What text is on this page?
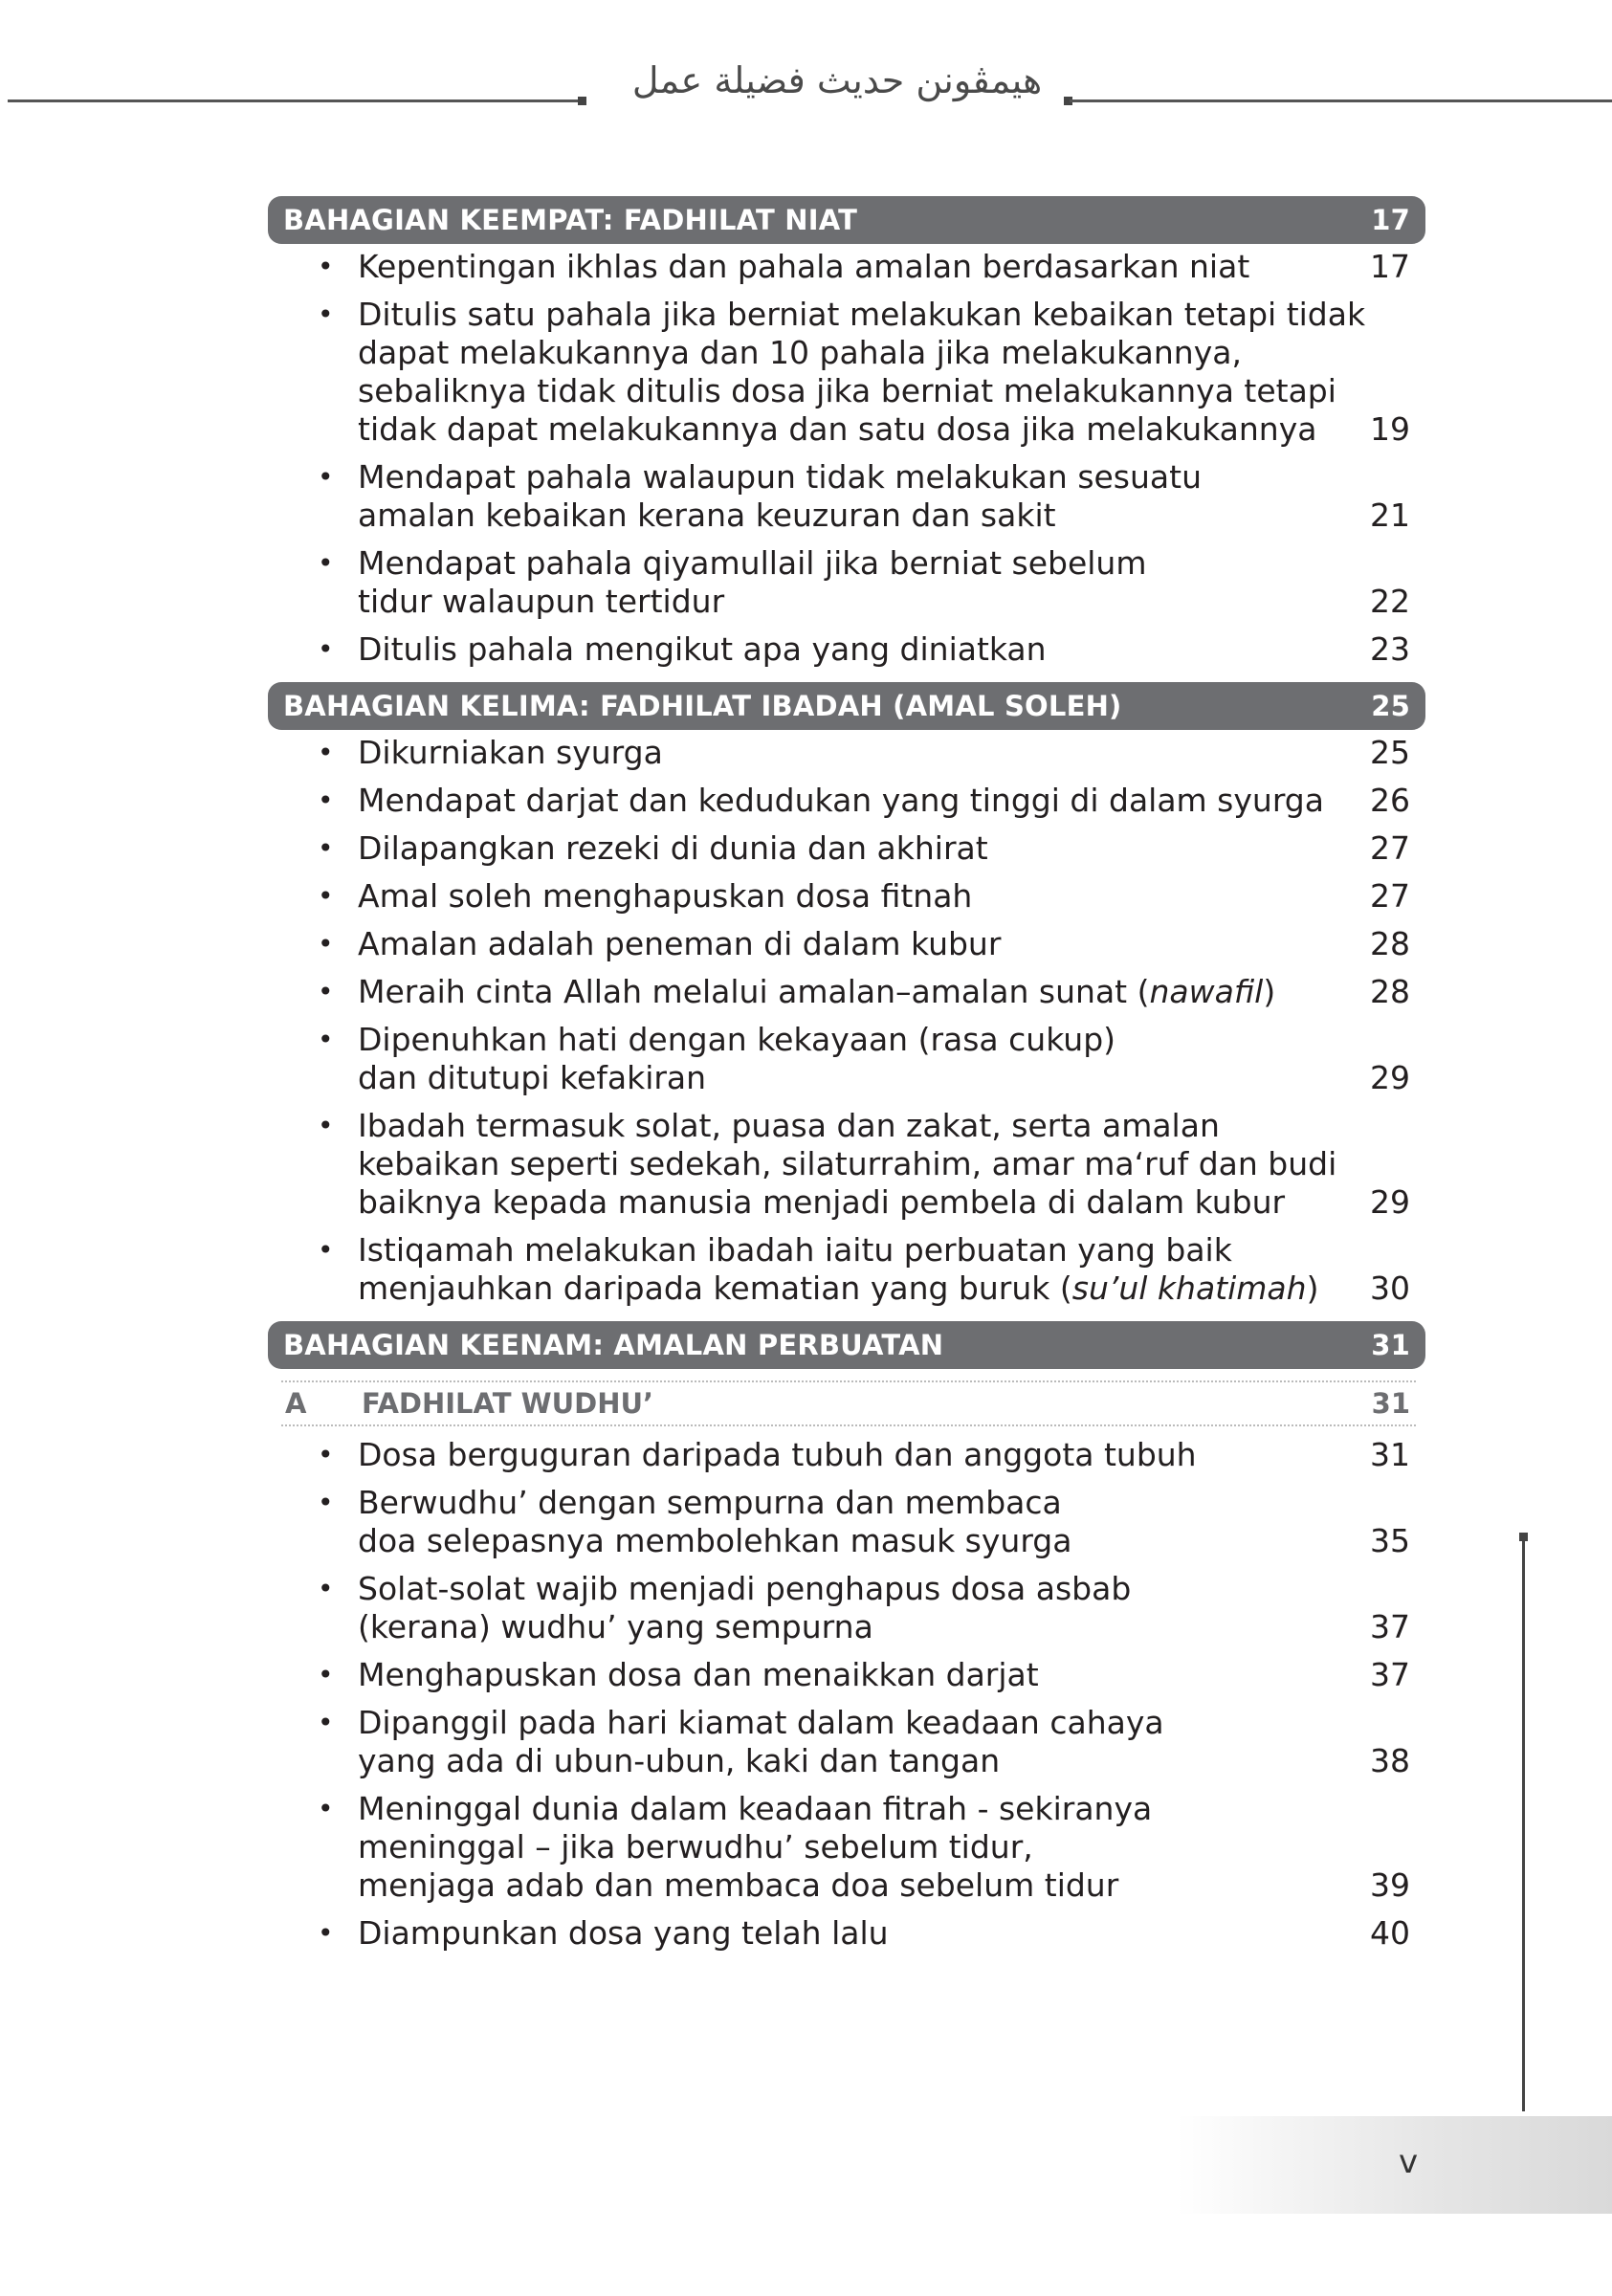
هيمڤونن حديث فضيلة عمل
BAHAGIAN KEEMPAT: FADHILAT NIAT	17
• Kepentingan ikhlas dan pahala amalan berdasarkan niat	17
• Ditulis satu pahala jika berniat melakukan kebaikan tetapi tidak
dapat melakukannya dan 10 pahala jika melakukannya,
sebaliknya tidak ditulis dosa jika berniat melakukannya tetapi
tidak dapat melakukannya dan satu dosa jika melakukannya	19
• Mendapat pahala walaupun tidak melakukan sesuatu
amalan kebaikan kerana keuzuran dan sakit	21
• Mendapat pahala qiyamullail jika berniat sebelum
tidur walaupun tertidur	22
• Ditulis pahala mengikut apa yang diniatkan	23
BAHAGIAN KELIMA: FADHILAT IBADAH (AMAL SOLEH)	25
• Dikurniakan syurga	25
• Mendapat darjat dan kedudukan yang tinggi di dalam syurga	26
• Dilapangkan rezeki di dunia dan akhirat	27
• Amal soleh menghapuskan dosa fitnah	27
• Amalan adalah peneman di dalam kubur	28
• Meraih cinta Allah melalui amalan–amalan sunat (nawafil)	28
• Dipenuhkan hati dengan kekayaan (rasa cukup)
dan ditutupi kefakiran	29
• Ibadah termasuk solat, puasa dan zakat, serta amalan
kebaikan seperti sedekah, silaturrahim, amar ma‘ruf dan budi
baiknya kepada manusia menjadi pembela di dalam kubur	29
• Istiqamah melakukan ibadah iaitu perbuatan yang baik
menjauhkan daripada kematian yang buruk (su’ul khatimah)	30
BAHAGIAN KEENAM: AMALAN PERBUATAN	31
A	FADHILAT WUDHU’	31
• Dosa berguguran daripada tubuh dan anggota tubuh	31
• Berwudhu’ dengan sempurna dan membaca
doa selepasnya membolehkan masuk syurga	35
• Solat-solat wajib menjadi penghapus dosa asbab
(kerana) wudhu’ yang sempurna	37
• Menghapuskan dosa dan menaikkan darjat	37
• Dipanggil pada hari kiamat dalam keadaan cahaya
yang ada di ubun-ubun, kaki dan tangan	38
• Meninggal dunia dalam keadaan fitrah - sekiranya
meninggal – jika berwudhu’ sebelum tidur,
menjaga adab dan membaca doa sebelum tidur	39
• Diampunkan dosa yang telah lalu	40
v
